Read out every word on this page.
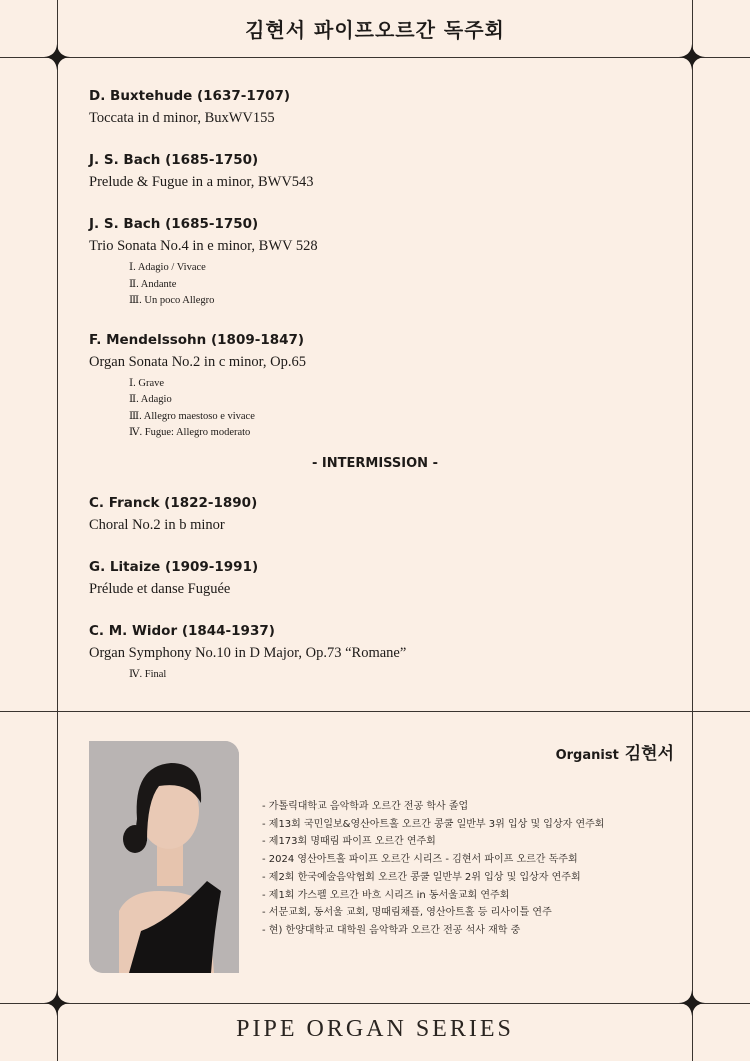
김현서 파이프오르간 독주회
D. Buxtehude (1637-1707)
Toccata in d minor, BuxWV155
J. S. Bach (1685-1750)
Prelude & Fugue in a minor, BWV543
J. S. Bach (1685-1750)
Trio Sonata No.4 in e minor, BWV 528
Ⅰ. Adagio / Vivace
Ⅱ. Andante
Ⅲ. Un poco Allegro
F. Mendelssohn (1809-1847)
Organ Sonata No.2 in c minor, Op.65
Ⅰ. Grave
Ⅱ. Adagio
Ⅲ. Allegro maestoso e vivace
Ⅳ. Fugue: Allegro moderato
- INTERMISSION -
C. Franck (1822-1890)
Choral No.2 in b minor
G. Litaize (1909-1991)
Prélude et danse Fuguée
C. M. Widor (1844-1937)
Organ Symphony No.10 in D Major, Op.73 “Romane”
Ⅳ. Final
Organist 김현서
- 가톨릭대학교 음악학과 오르간 전공 학사 졸업
- 제13회 국민일보&영산아트홀 오르간 콩쿨 일반부 3위 입상 및 입상자 연주회
- 제173회 명때림 파이프 오르간 연주회
- 2024 영산아트홀 파이프 오르간 시리즈 - 김현서 파이프 오르간 독주회
- 제2회 한국예술음악협회 오르간 콩쿨 일반부 2위 입상 및 입상자 연주회
- 제1회 가스펠 오르간 바흐 시리즈 in 동서울교회 연주회
- 서문교회, 동서울 교회, 명때림채플, 영산아트홀 등 리사이틀 연주
- 현) 한양대학교 대학원 음악학과 오르간 전공 석사 재학 중
PIPE ORGAN SERIES
